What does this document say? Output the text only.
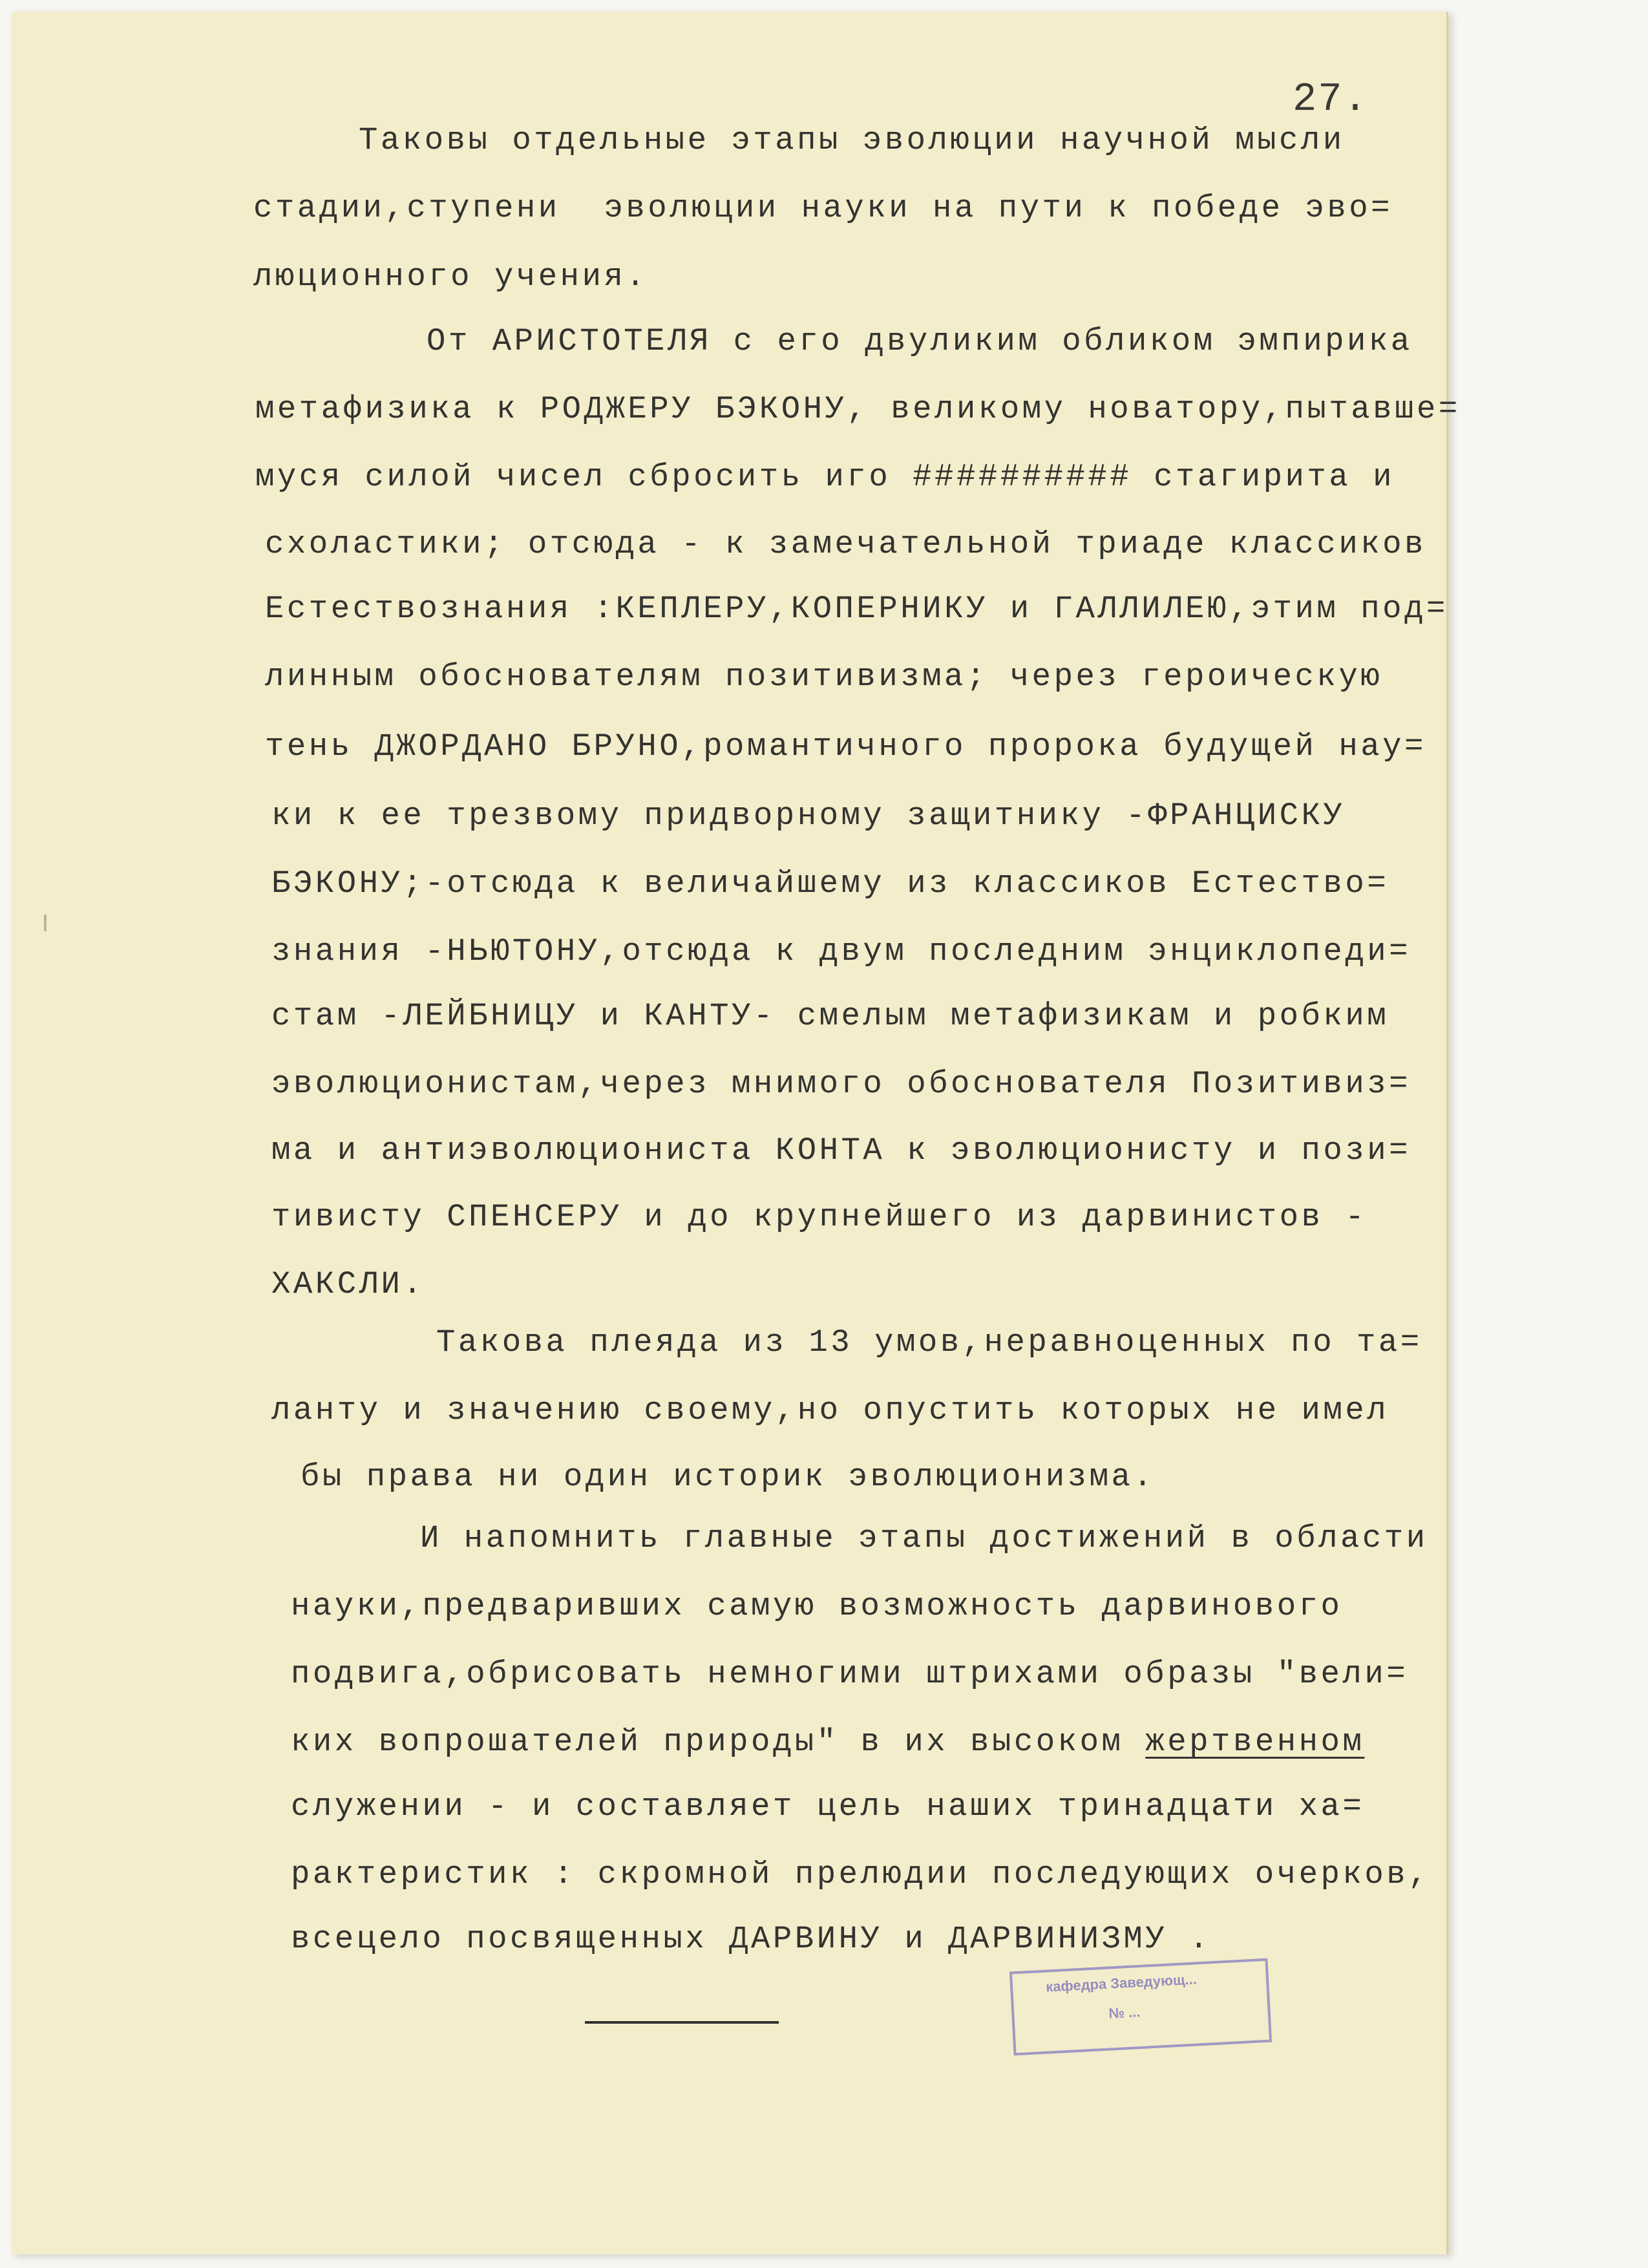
27.
Таковы отдельные этапы эволюции научной мысли
стадии,ступени  эволюции науки на пути к победе эво=
люционного учения.
От АРИСТОТЕЛЯ с его двуликим обликом эмпирика
метафизика к РОДЖЕРУ БЭКОНУ, великому новатору,пытавше=
муся силой чисел сбросить иго ########## стагирита и
схоластики; отсюда - к замечательной триаде классиков
Естествознания :КЕПЛЕРУ,КОПЕРНИКУ и ГАЛЛИЛЕЮ,этим под=
линным обоснователям позитивизма; через героическую
тень ДЖОРДАНО БРУНО,романтичного пророка будущей нау=
ки к ее трезвому придворному защитнику -ФРАНЦИСКУ
БЭКОНУ;-отсюда к величайшему из классиков Естество=
знания -НЬЮТОНУ,отсюда к двум последним энциклопеди=
стам -ЛЕЙБНИЦУ и КАНТУ- смелым метафизикам и робким
эволюционистам,через мнимого обоснователя Позитивиз=
ма и антиэволюциониста КОНТА к эволюционисту и пози=
тивисту СПЕНСЕРУ и до крупнейшего из дарвинистов -
ХАКСЛИ.
Такова плеяда из 13 умов,неравноценных по та=
ланту и значению своему,но опустить которых не имел
бы права ни один историк эволюционизма.
И напомнить главные этапы достижений в области
науки,предваривших самую возможность дарвинового
подвига,обрисовать немногими штрихами образы "вели=
ких вопрошателей природы" в их высоком жертвенном
служении - и составляет цель наших тринадцати ха=
рактеристик : скромной прелюдии последующих очерков,
всецело посвященных ДАРВИНУ и ДАРВИНИЗМУ .
кафедра Заведующ...
№ ...
